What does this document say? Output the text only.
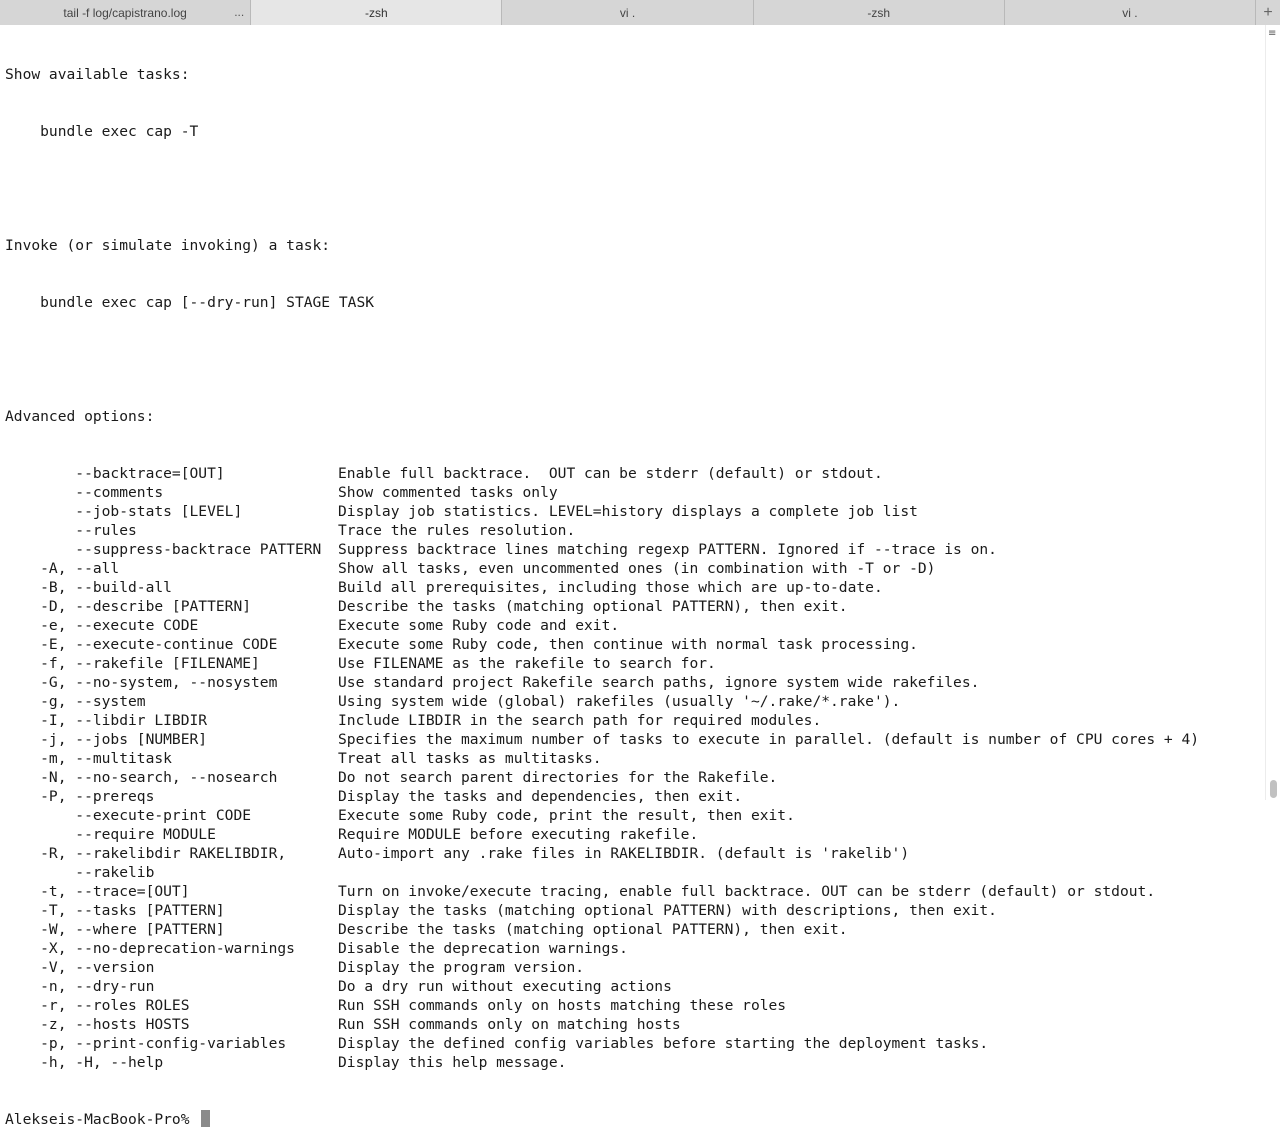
tail -f log/capistrano.log	...	-zsh	vi .	-zsh	vi .	+

Show available tasks:

bundle exec cap -T

Invoke (or simulate invoking) a task:

bundle exec cap [--dry-run] STAGE TASK

Advanced options:

--backtrace=[OUT]	Enable full backtrace.  OUT can be stderr (default) or stdout.
--comments	Show commented tasks only
--job-stats [LEVEL]	Display job statistics. LEVEL=history displays a complete job list
--rules	Trace the rules resolution.
--suppress-backtrace PATTERN	Suppress backtrace lines matching regexp PATTERN. Ignored if --trace is on.
-A, --all	Show all tasks, even uncommented ones (in combination with -T or -D)
-B, --build-all	Build all prerequisites, including those which are up-to-date.
-D, --describe [PATTERN]	Describe the tasks (matching optional PATTERN), then exit.
-e, --execute CODE	Execute some Ruby code and exit.
-E, --execute-continue CODE	Execute some Ruby code, then continue with normal task processing.
-f, --rakefile [FILENAME]	Use FILENAME as the rakefile to search for.
-G, --no-system, --nosystem	Use standard project Rakefile search paths, ignore system wide rakefiles.
-g, --system	Using system wide (global) rakefiles (usually '~/.rake/*.rake').
-I, --libdir LIBDIR	Include LIBDIR in the search path for required modules.
-j, --jobs [NUMBER]	Specifies the maximum number of tasks to execute in parallel. (default is number of CPU cores + 4)
-m, --multitask	Treat all tasks as multitasks.
-N, --no-search, --nosearch	Do not search parent directories for the Rakefile.
-P, --prereqs	Display the tasks and dependencies, then exit.
--execute-print CODE	Execute some Ruby code, print the result, then exit.
--require MODULE	Require MODULE before executing rakefile.
-R, --rakelibdir RAKELIBDIR,	Auto-import any .rake files in RAKELIBDIR. (default is 'rakelib')
--rakelib
-t, --trace=[OUT]	Turn on invoke/execute tracing, enable full backtrace. OUT can be stderr (default) or stdout.
-T, --tasks [PATTERN]	Display the tasks (matching optional PATTERN) with descriptions, then exit.
-W, --where [PATTERN]	Describe the tasks (matching optional PATTERN), then exit.
-X, --no-deprecation-warnings	Disable the deprecation warnings.
-V, --version	Display the program version.
-n, --dry-run	Do a dry run without executing actions
-r, --roles ROLES	Run SSH commands only on hosts matching these roles
-z, --hosts HOSTS	Run SSH commands only on matching hosts
-p, --print-config-variables	Display the defined config variables before starting the deployment tasks.
-h, -H, --help	Display this help message.

Alekseis-MacBook-Pro%

≡
